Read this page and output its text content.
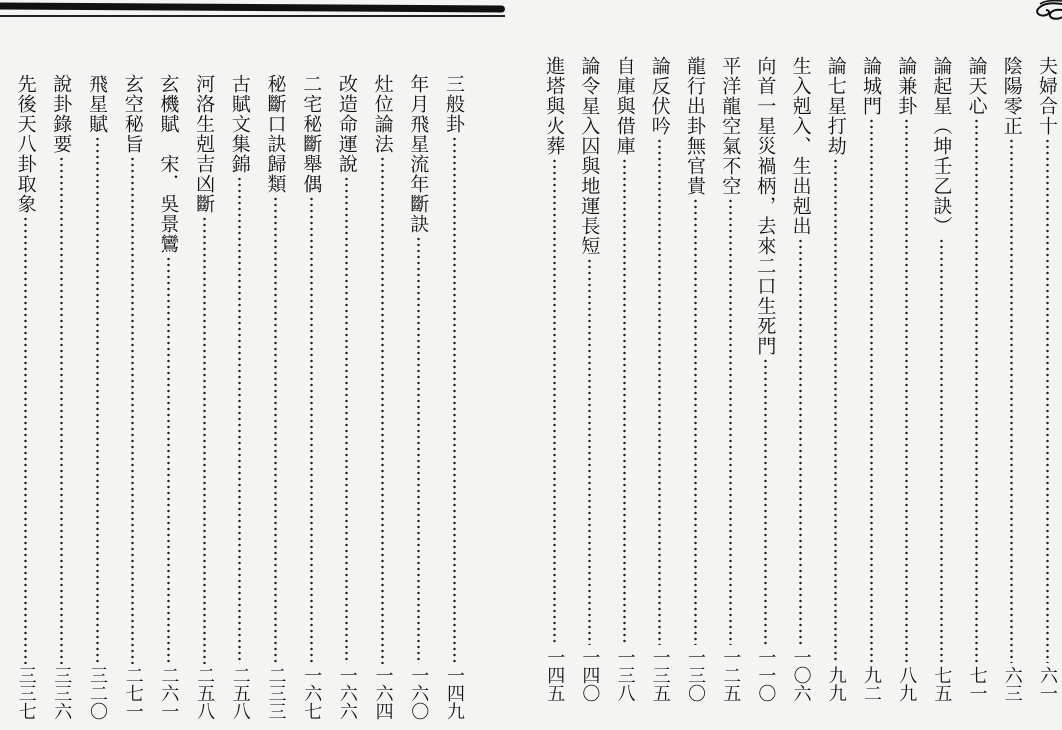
夫婦合十
六一
陰陽零正
六三
論天心
七一
論起星（坤壬乙訣）
七五
論兼卦
八九
論城門
九二
論七星打劫
九九
生入剋入、生出剋出
一〇六
向首一星災禍柄，去來二口生死門
一一〇
平洋龍空氣不空
一二五
龍行出卦無官貴
一三〇
論反伏吟
一三五
自庫與借庫
一三八
論令星入囚與地運長短
一四〇
進塔與火葬
一四五
三般卦
一四九
年月飛星流年斷訣
一六〇
灶位論法
一六四
改造命運說
一六六
二宅秘斷舉偶
一六七
秘斷口訣歸類
二三三
古賦文集錦
二五八
河洛生剋吉凶斷
二五八
玄機賦　宋．吳景鸞
二六一
玄空秘旨
二七一
飛星賦
三二〇
說卦錄要
三三六
先後天八卦取象
三三七
